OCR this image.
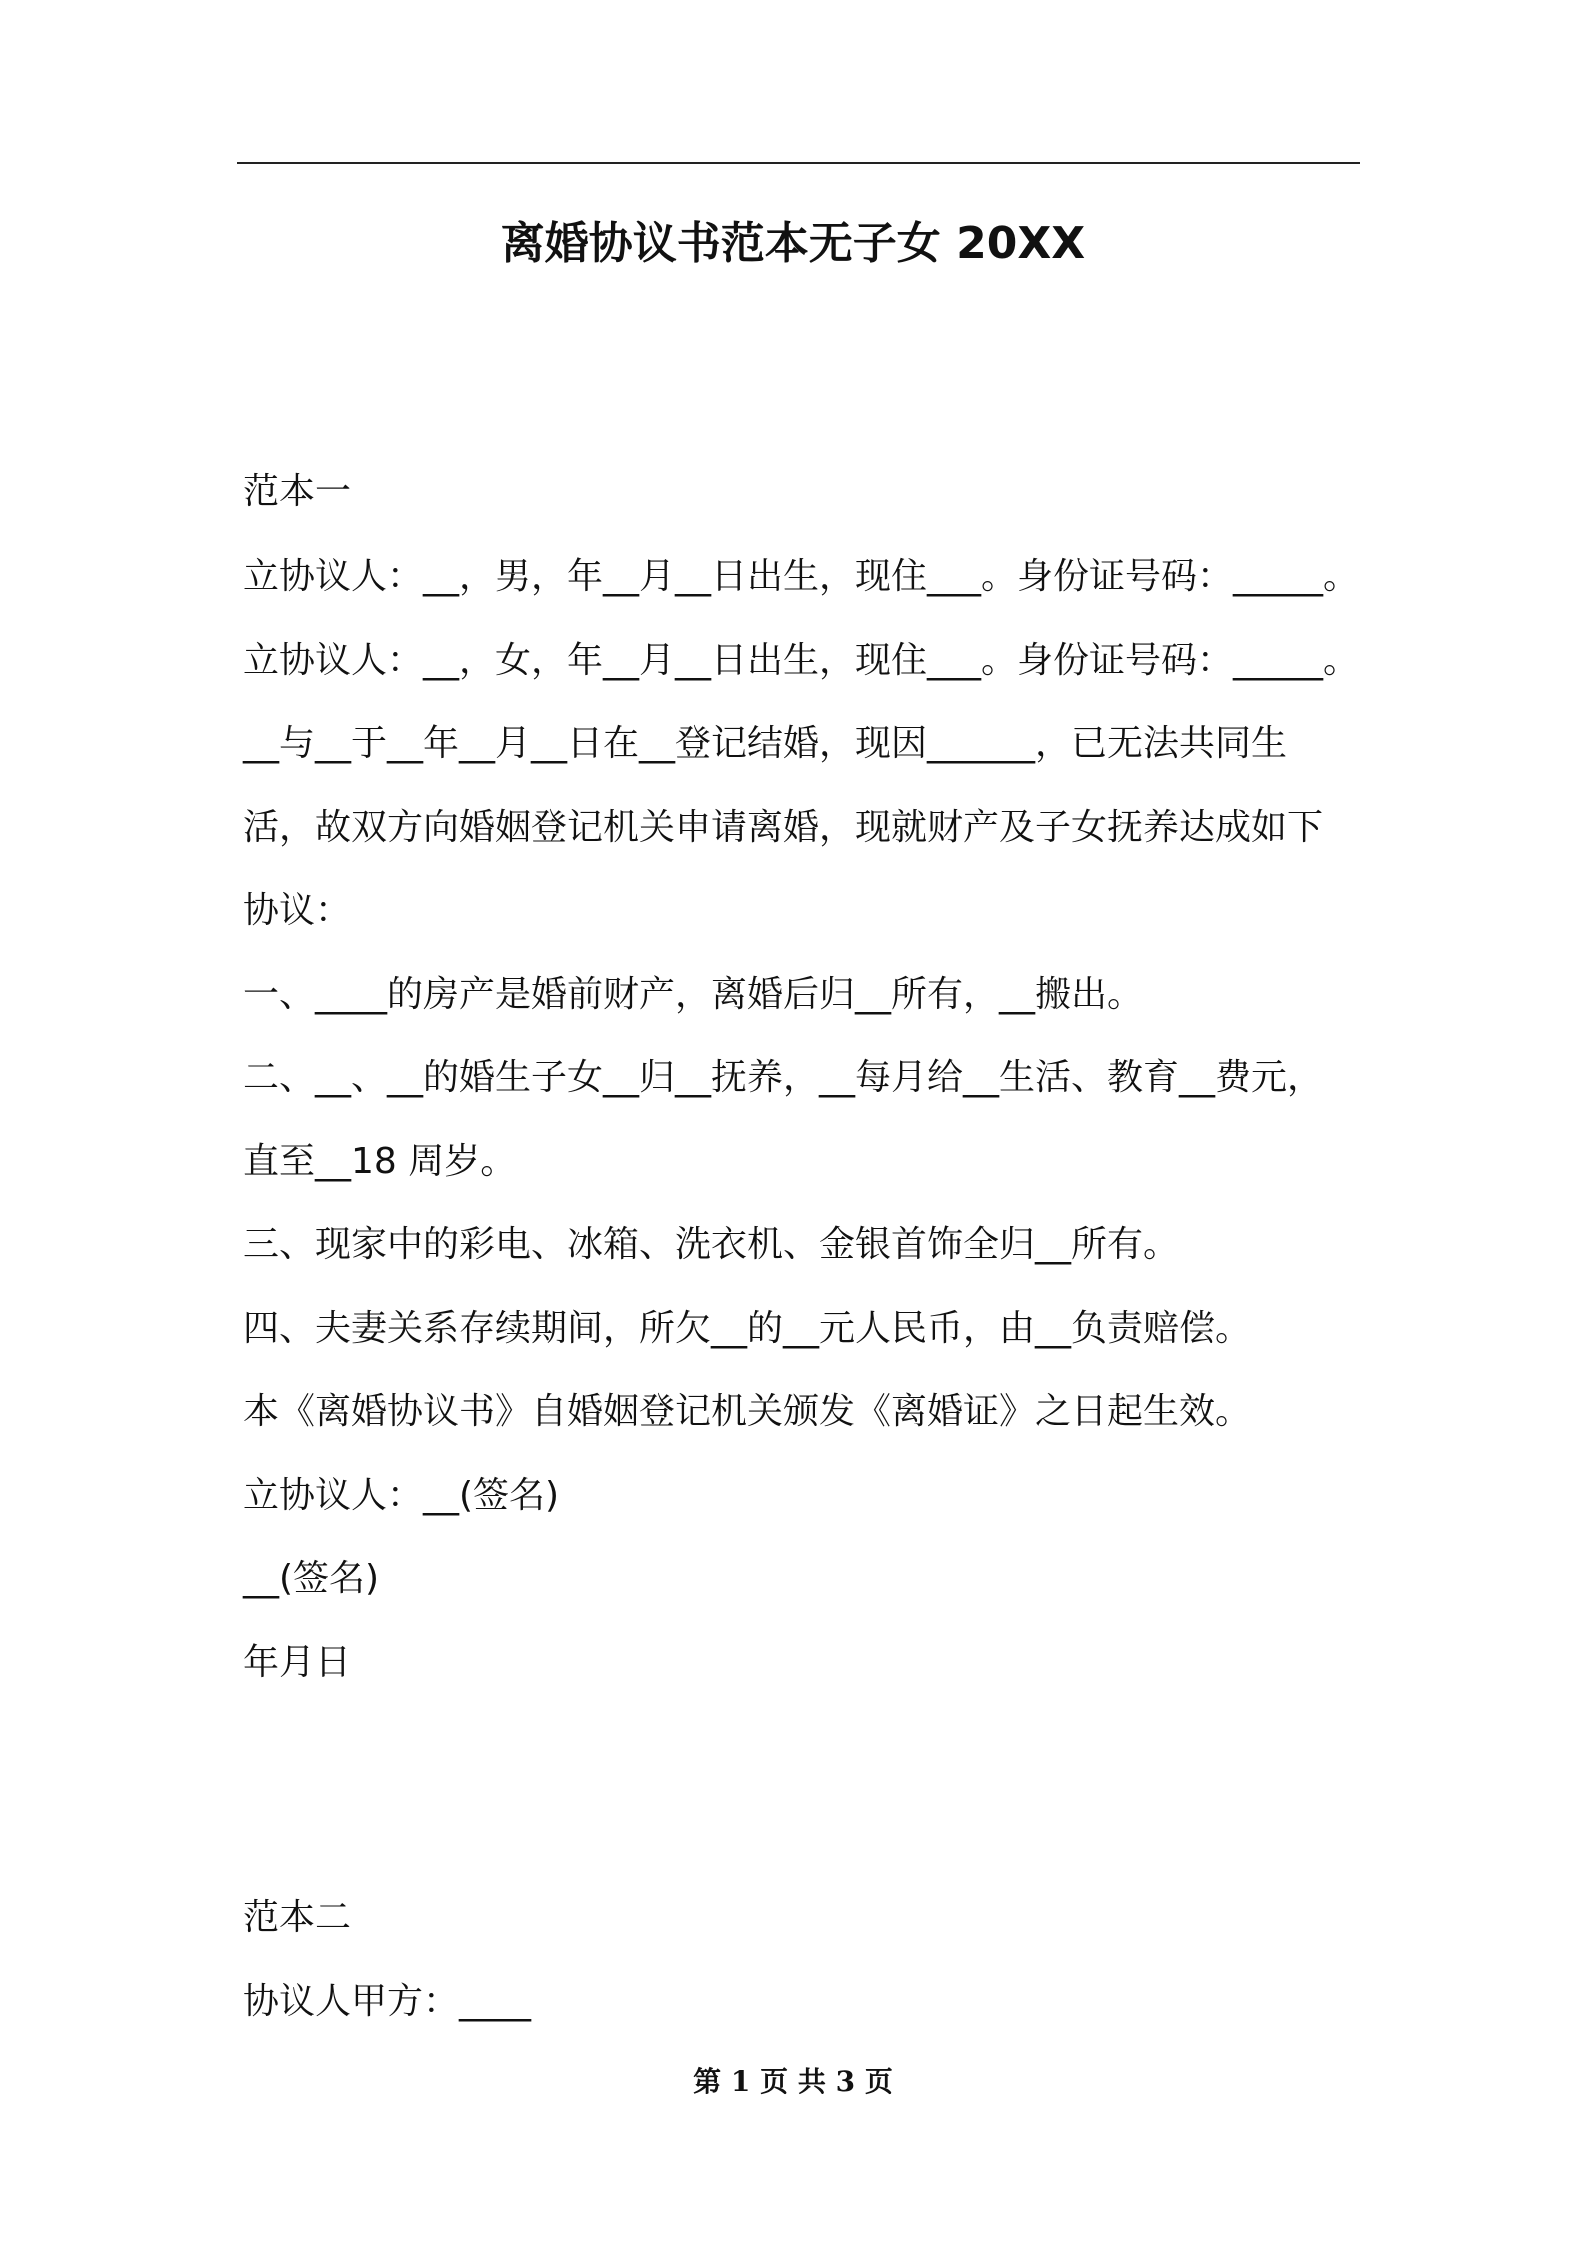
离婚协议书范本无子女 20XX
范本一
立协议人：__，男，年__月__日出生，现住___。身份证号码：_____。
立协议人：__，女，年__月__日出生，现住___。身份证号码：_____。
__与__于__年__月__日在__登记结婚，现因______，已无法共同生
活，故双方向婚姻登记机关申请离婚，现就财产及子女抚养达成如下
协议：
一、____的房产是婚前财产，离婚后归__所有，__搬出。
二、__、__的婚生子女__归__抚养，__每月给__生活、教育__费元，
直至__18 周岁。
三、现家中的彩电、冰箱、洗衣机、金银首饰全归__所有。
四、夫妻关系存续期间，所欠__的__元人民币，由__负责赔偿。
本《离婚协议书》自婚姻登记机关颁发《离婚证》之日起生效。
立协议人：__(签名)
__(签名)
年月日
范本二
协议人甲方：____
第 1 页 共 3 页
